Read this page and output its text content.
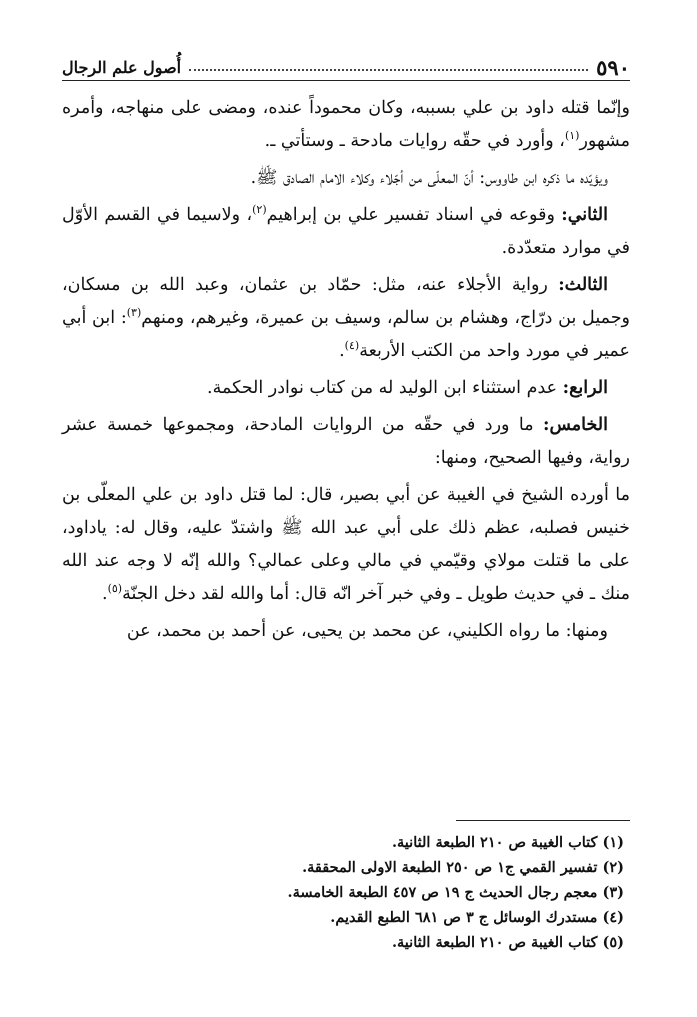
٥٩٠
أُصول علم الرجال

وإنّما قتله داود بن علي بسببه، وكان محموداً عنده، ومضى على منهاجه، وأمره مشهور$^{(١)}$، وأورد في حقّه روايات مادحة ـ وستأتي ـ.

ويؤيّده ما ذكره ابن طاووس: أنّ المعلّى من أجّلاء وكلاء الامام الصادق ﷺ.

الثاني: وقوعه في اسناد تفسير علي بن إبراهيم$^{(٢)}$، ولاسيما في القسم الأوّل في موارد متعدّدة.

الثالث: رواية الأجلاء عنه، مثل: حمّاد بن عثمان، وعبد الله بن مسكان، وجميل بن درّاج، وهشام بن سالم، وسيف بن عميرة، وغيرهم، ومنهم$^{(٣)}$: ابن أبي عمير في مورد واحد من الكتب الأربعة$^{(٤)}$.

الرابع: عدم استثناء ابن الوليد له من كتاب نوادر الحكمة.

الخامس: ما ورد في حقّه من الروايات المادحة، ومجموعها خمسة عشر رواية، وفيها الصحيح، ومنها:

ما أورده الشيخ في الغيبة عن أبي بصير، قال: لما قتل داود بن علي المعلّى بن خنيس فصلبه، عظم ذلك على أبي عبد الله ﷺ واشتدّ عليه، وقال له: ياداود، على ما قتلت مولاي وقيّمي في مالي وعلى عمالي؟ والله إنّه لا وجه عند الله منك ـ في حديث طويل ـ وفي خبر آخر انّه قال: أما والله لقد دخل الجنّة$^{(٥)}$.

ومنها: ما رواه الكليني، عن محمد بن يحيى، عن أحمد بن محمد، عن

(١) كتاب الغيبة ص ٢١٠ الطبعة الثانية.
(٢) تفسير القمي ج١ ص ٢٥٠ الطبعة الاولى المحققة.
(٣) معجم رجال الحديث ج ١٩ ص ٤٥٧ الطبعة الخامسة.
(٤) مستدرك الوسائل ج ٣ ص ٦٨١ الطبع القديم.
(٥) كتاب الغيبة ص ٢١٠ الطبعة الثانية.
